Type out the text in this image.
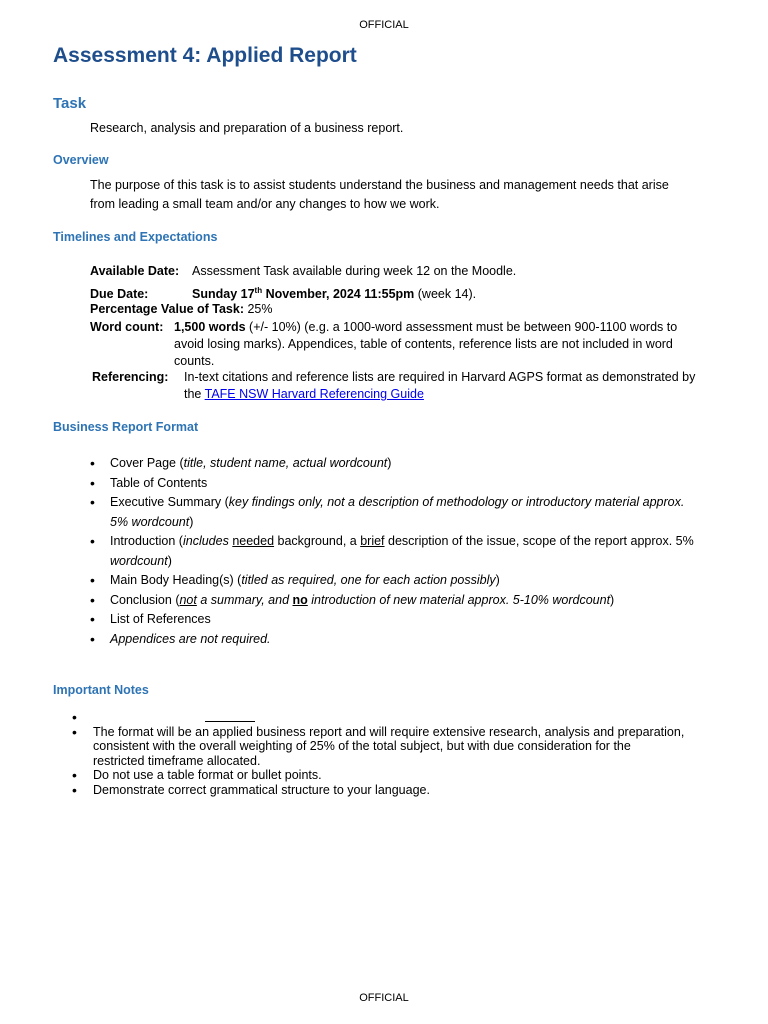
OFFICIAL
Assessment 4: Applied Report
Task

Research, analysis and preparation of a business report.

Overview

The purpose of this task is to assist students understand the business and management needs that arise
from leading a small team and/or any changes to how we work.

Timelines and Expectations
Available Date: Assessment Task available during week 12 on the Moodle.
Due Date:	Sunday 17th November, 2024 11:55pm (week 14).
Percentage Value of Task: 25%
Word count: 1,500 words (+/- 10%) (e.g. a 1000-word assessment must be between 900-1100 words to
avoid losing marks). Appendices, table of contents, reference lists are not included in word
counts.
Referencing:	In-text citations and reference lists are required in Harvard AGPS format as demonstrated by
the TAFE NSW Harvard Referencing Guide
Business Report Format
• Cover Page (title, student name, actual wordcount)
• Table of Contents
• Executive Summary (key findings only, not a description of methodology or introductory material approx.
5% wordcount)
• Introduction (includes needed background, a brief description of the issue, scope of the report approx. 5%
wordcount)
• Main Body Heading(s) (titled as required, one for each action possibly)
• Conclusion (not a summary, and no introduction of new material approx. 5-10% wordcount)
• List of References
• Appendices are not required.
Important Notes
•
• The format will be an applied business report and will require extensive research, analysis and preparation,
consistent with the overall weighting of 25% of the total subject, but with due consideration for the
restricted timeframe allocated.
• Do not use a table format or bullet points.
• Demonstrate correct grammatical structure to your language.
OFFICIAL
